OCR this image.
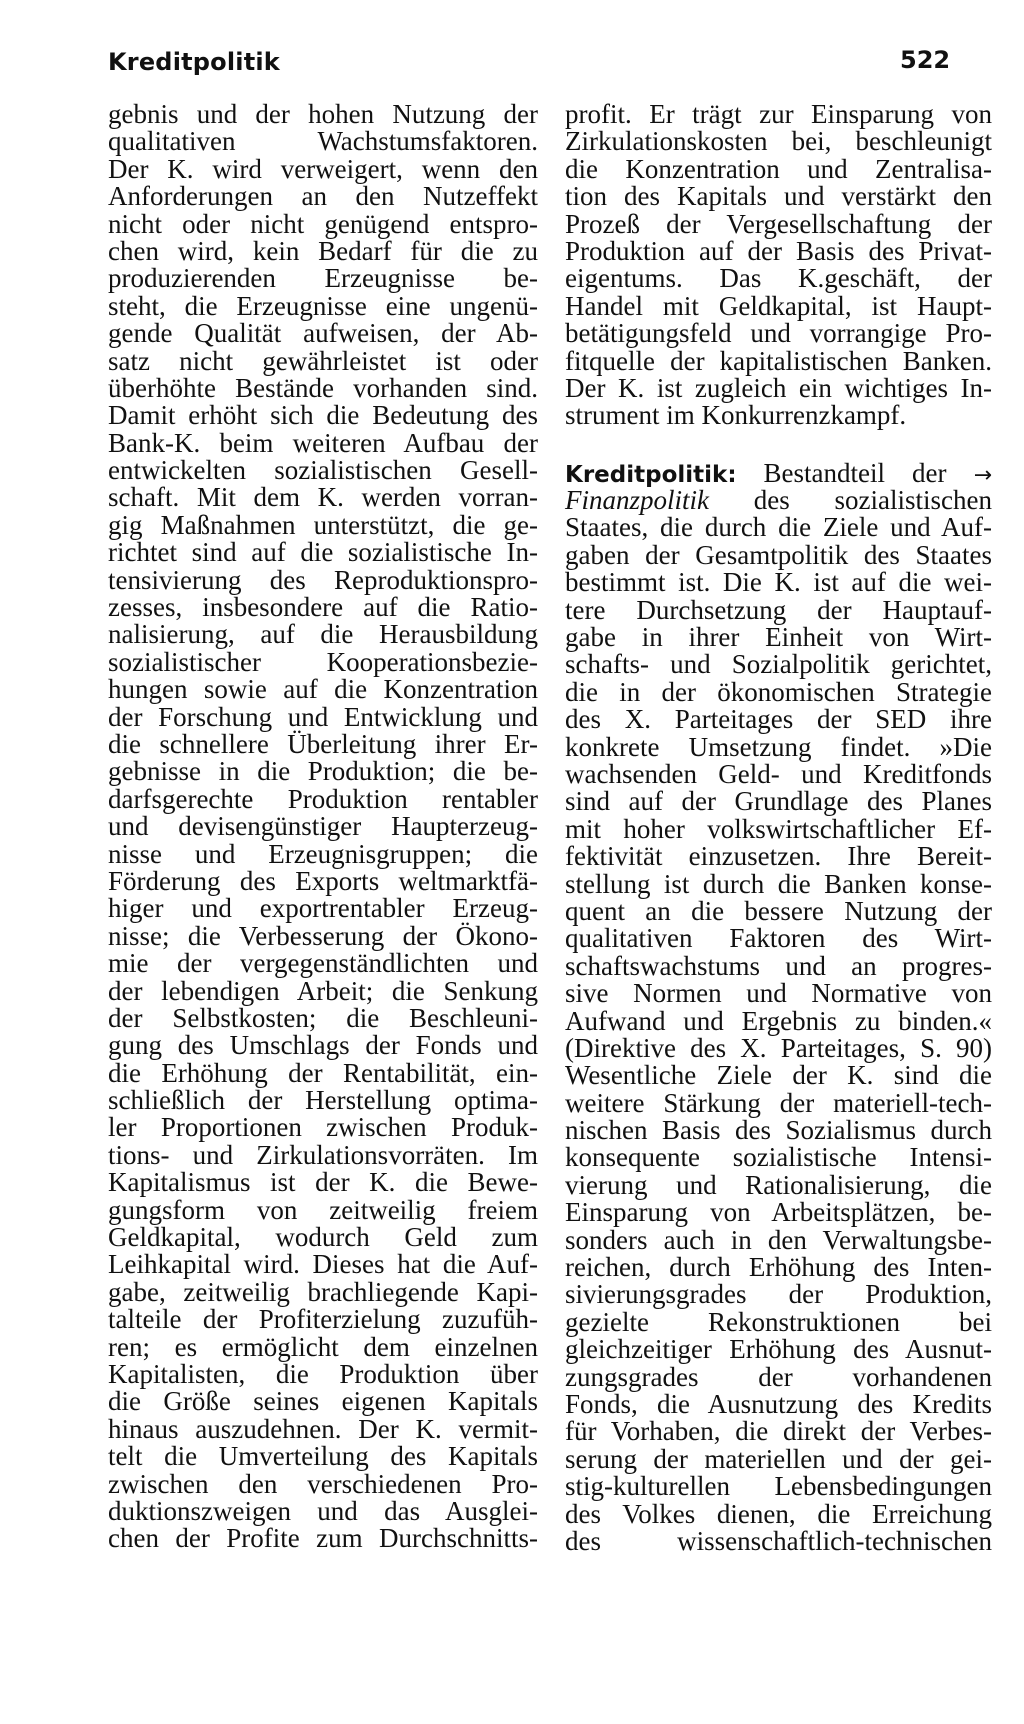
Kreditpolitik	522
gebnis und der hohen Nutzung der
qualitativen Wachstumsfaktoren.
Der K. wird verweigert, wenn den
Anforderungen an den Nutzeffekt
nicht oder nicht genügend entspro-
chen wird, kein Bedarf für die zu
produzierenden Erzeugnisse be-
steht, die Erzeugnisse eine ungenü-
gende Qualität aufweisen, der Ab-
satz nicht gewährleistet ist oder
überhöhte Bestände vorhanden sind.
Damit erhöht sich die Bedeutung des
Bank-K. beim weiteren Aufbau der
entwickelten sozialistischen Gesell-
schaft. Mit dem K. werden vorran-
gig Maßnahmen unterstützt, die ge-
richtet sind auf die sozialistische In-
tensivierung des Reproduktionspro-
zesses, insbesondere auf die Ratio-
nalisierung, auf die Herausbildung
sozialistischer Kooperationsbezie-
hungen sowie auf die Konzentration
der Forschung und Entwicklung und
die schnellere Überleitung ihrer Er-
gebnisse in die Produktion; die be-
darfsgerechte Produktion rentabler
und devisengünstiger Haupterzeug-
nisse und Erzeugnisgruppen; die
Förderung des Exports weltmarktfä-
higer und exportrentabler Erzeug-
nisse; die Verbesserung der Ökono-
mie der vergegenständlichten und
der lebendigen Arbeit; die Senkung
der Selbstkosten; die Beschleuni-
gung des Umschlags der Fonds und
die Erhöhung der Rentabilität, ein-
schließlich der Herstellung optima-
ler Proportionen zwischen Produk-
tions- und Zirkulationsvorräten. Im
Kapitalismus ist der K. die Bewe-
gungsform von zeitweilig freiem
Geldkapital, wodurch Geld zum
Leihkapital wird. Dieses hat die Auf-
gabe, zeitweilig brachliegende Kapi-
talteile der Profiterzielung zuzufüh-
ren; es ermöglicht dem einzelnen
Kapitalisten, die Produktion über
die Größe seines eigenen Kapitals
hinaus auszudehnen. Der K. vermit-
telt die Umverteilung des Kapitals
zwischen den verschiedenen Pro-
duktionszweigen und das Ausglei-
chen der Profite zum Durchschnitts-
profit. Er trägt zur Einsparung von
Zirkulationskosten bei, beschleunigt
die Konzentration und Zentralisa-
tion des Kapitals und verstärkt den
Prozeß der Vergesellschaftung der
Produktion auf der Basis des Privat-
eigentums. Das K.geschäft, der
Handel mit Geldkapital, ist Haupt-
betätigungsfeld und vorrangige Pro-
fitquelle der kapitalistischen Banken.
Der K. ist zugleich ein wichtiges In-
strument im Konkurrenzkampf.
Kreditpolitik: Bestandteil der →
Finanzpolitik des sozialistischen
Staates, die durch die Ziele und Auf-
gaben der Gesamtpolitik des Staates
bestimmt ist. Die K. ist auf die wei-
tere Durchsetzung der Hauptauf-
gabe in ihrer Einheit von Wirt-
schafts- und Sozialpolitik gerichtet,
die in der ökonomischen Strategie
des X. Parteitages der SED ihre
konkrete Umsetzung findet. »Die
wachsenden Geld- und Kreditfonds
sind auf der Grundlage des Planes
mit hoher volkswirtschaftlicher Ef-
fektivität einzusetzen. Ihre Bereit-
stellung ist durch die Banken konse-
quent an die bessere Nutzung der
qualitativen Faktoren des Wirt-
schaftswachstums und an progres-
sive Normen und Normative von
Aufwand und Ergebnis zu binden.«
(Direktive des X. Parteitages, S. 90)
Wesentliche Ziele der K. sind die
weitere Stärkung der materiell-tech-
nischen Basis des Sozialismus durch
konsequente sozialistische Intensi-
vierung und Rationalisierung, die
Einsparung von Arbeitsplätzen, be-
sonders auch in den Verwaltungsbe-
reichen, durch Erhöhung des Inten-
sivierungsgrades der Produktion,
gezielte Rekonstruktionen bei
gleichzeitiger Erhöhung des Ausnut-
zungsgrades der vorhandenen
Fonds, die Ausnutzung des Kredits
für Vorhaben, die direkt der Verbes-
serung der materiellen und der gei-
stig-kulturellen Lebensbedingungen
des Volkes dienen, die Erreichung
des wissenschaftlich-technischen
